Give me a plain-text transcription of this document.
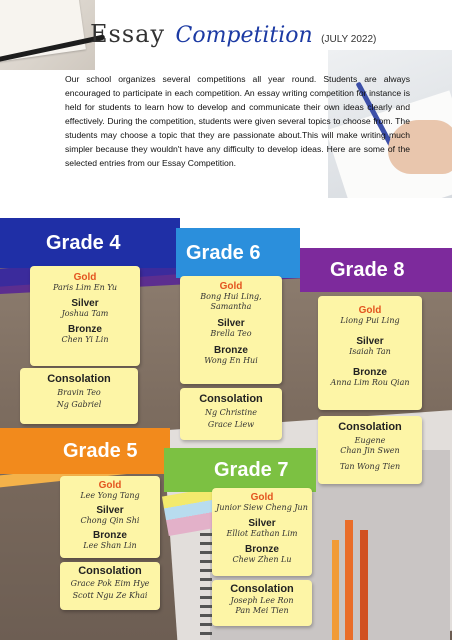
Essay Competition (JULY 2022)
Our school organizes several competitions all year round. Students are always encouraged to participate in each competition. An essay writing competition for instance is held for students to learn how to develop and communicate their own ideas clearly and effectively. During the competition, students were given several topics to choose from. The students may choose a topic that they are passionate about.This will make writing much simpler because they wouldn't have any difficulty to develop ideas. Here are some of the selected entries from our Essay Competition.
Grade 4	Grade 6
Grade 8
Gold
Paris Lim En Yu
Silver
Joshua Tam
Bronze
Chen Yi Lin
Consolation
Bravin Teo
Ng Gabriel
Gold
Bong Hui Ling,
Samantha
Silver
Brella Teo
Bronze
Wong En Hui
Consolation
Ng Christine
Grace Liew
Gold
Liong Pui Ling
Silver
Isaiah Tan
Bronze
Anna Lim Rou Qian
Consolation
Eugene
Chan Jin Swen
Tan Wong Tien
Grade 5
Grade 7
Gold
Lee Yong Tang
Silver
Chong Qin Shi
Bronze
Lee Shan Lin
Consolation
Grace Pok Eim Hye
Scott Ngu Ze Khai
Gold
Junior Siew Cheng Jun
Silver
Elliot Eathan Lim
Bronze
Chew Zhen Lu
Consolation
Joseph Lee Ron
Pan Mei Tien
